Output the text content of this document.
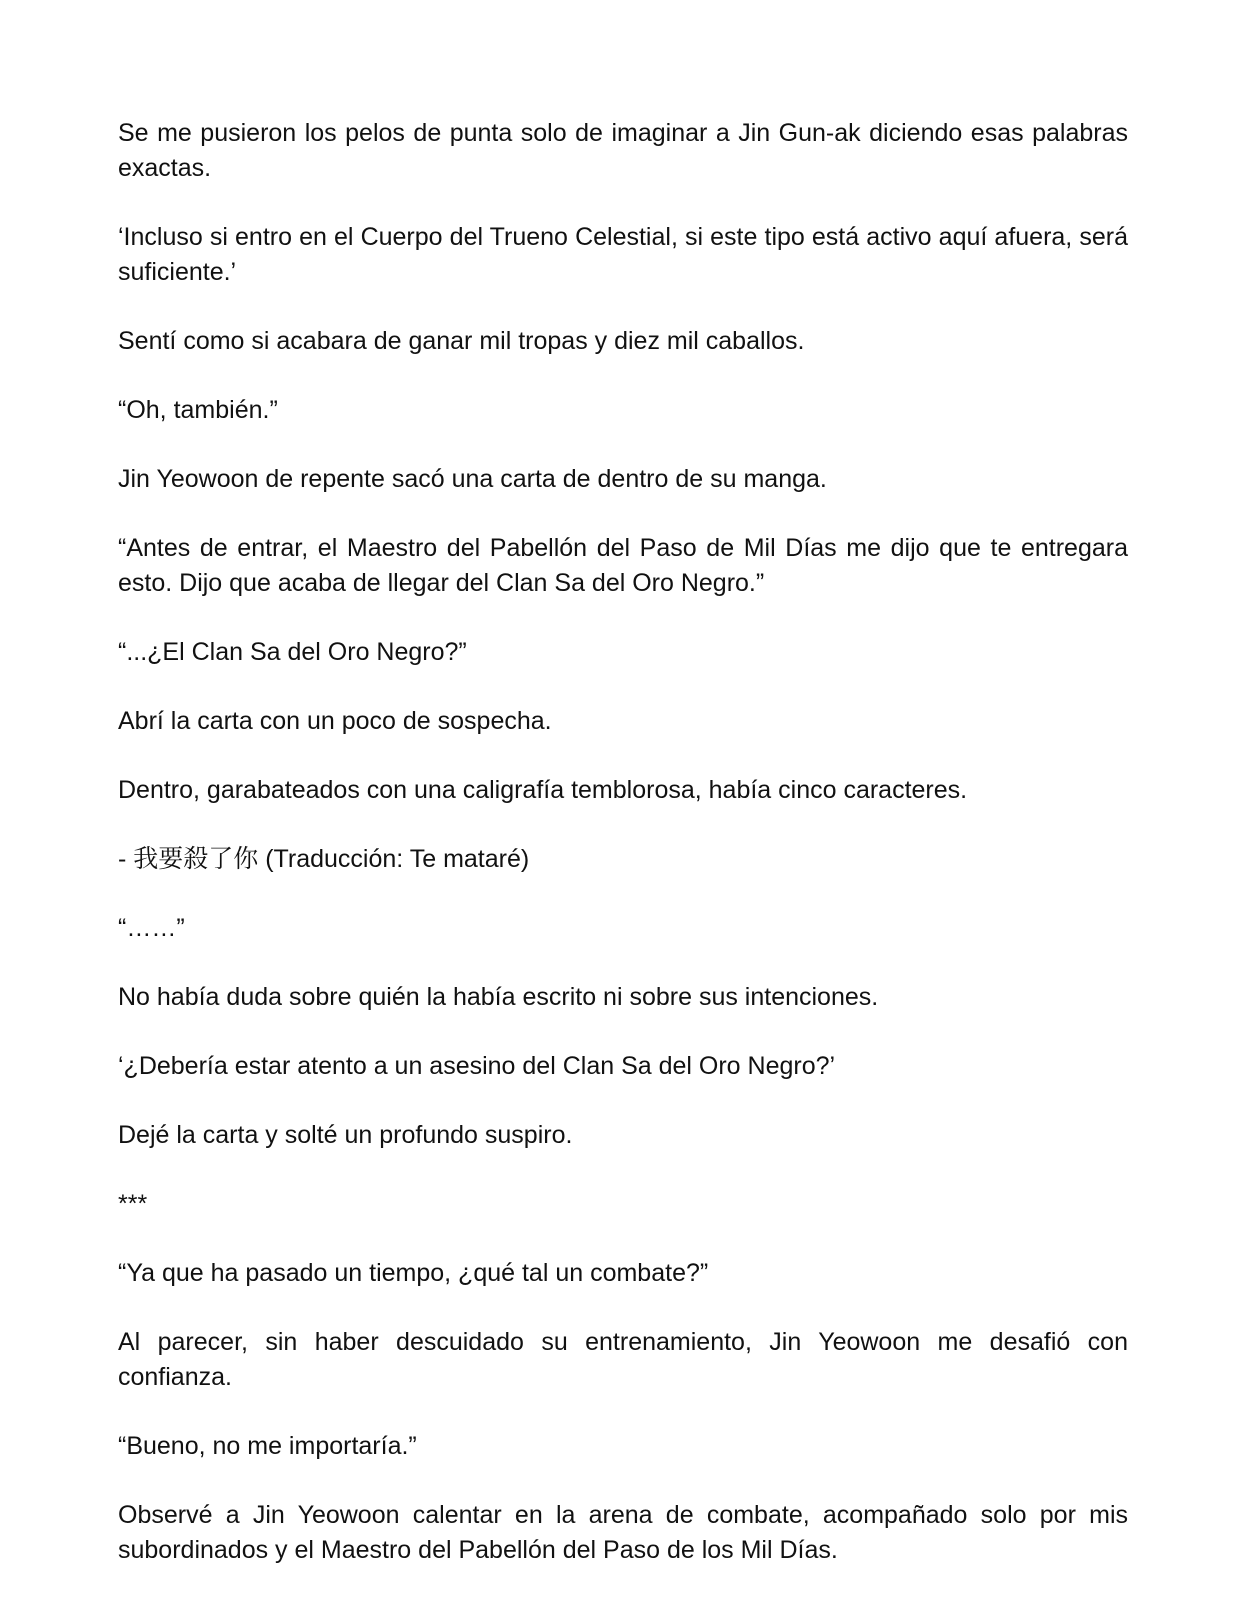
Se me pusieron los pelos de punta solo de imaginar a Jin Gun-ak diciendo esas palabras exactas.

‘Incluso si entro en el Cuerpo del Trueno Celestial, si este tipo está activo aquí afuera, será suficiente.’

Sentí como si acabara de ganar mil tropas y diez mil caballos.

“Oh, también.”

Jin Yeowoon de repente sacó una carta de dentro de su manga.

“Antes de entrar, el Maestro del Pabellón del Paso de Mil Días me dijo que te entregara esto. Dijo que acaba de llegar del Clan Sa del Oro Negro.”

“...¿El Clan Sa del Oro Negro?”

Abrí la carta con un poco de sospecha.

Dentro, garabateados con una caligrafía temblorosa, había cinco caracteres.

- 我要殺了你 (Traducción: Te mataré)

“……”

No había duda sobre quién la había escrito ni sobre sus intenciones.

‘¿Debería estar atento a un asesino del Clan Sa del Oro Negro?’

Dejé la carta y solté un profundo suspiro.

***

“Ya que ha pasado un tiempo, ¿qué tal un combate?”

Al parecer, sin haber descuidado su entrenamiento, Jin Yeowoon me desafió con confianza.

“Bueno, no me importaría.”

Observé a Jin Yeowoon calentar en la arena de combate, acompañado solo por mis subordinados y el Maestro del Pabellón del Paso de los Mil Días.
